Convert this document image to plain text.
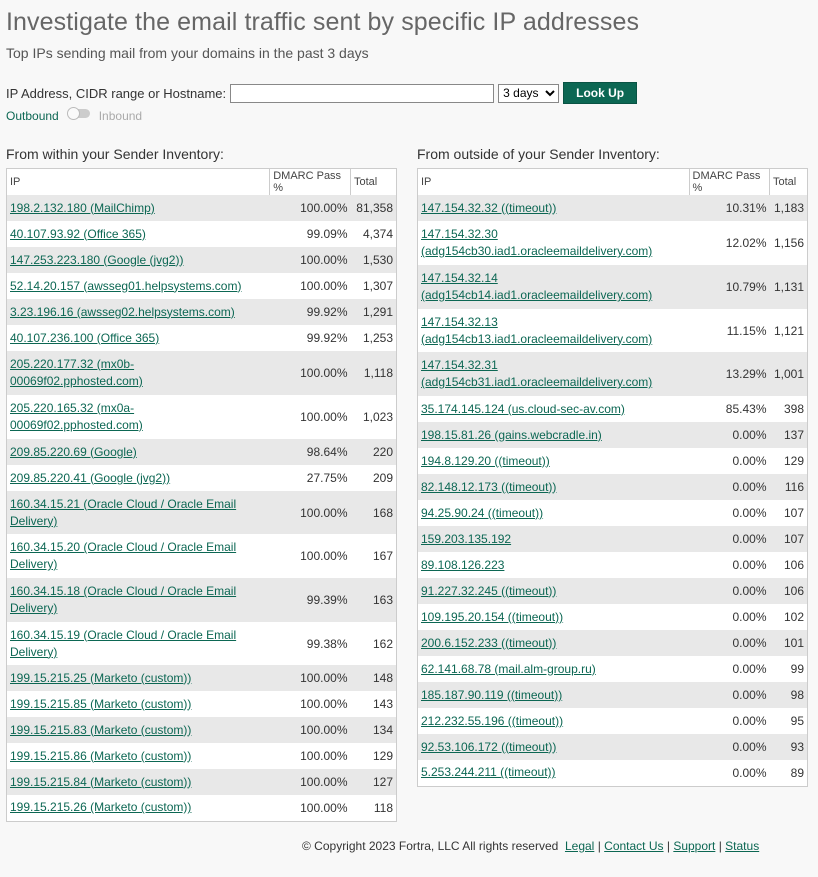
Investigate the email traffic sent by specific IP addresses
Top IPs sending mail from your domains in the past 3 days
IP Address, CIDR range or Hostname:
3 days	Look Up
Outbound	Inbound
From within your Sender Inventory:
IP	DMARC Pass %	Total
198.2.132.180 (MailChimp)	100.00%	81,358
40.107.93.92 (Office 365)	99.09%	4,374
147.253.223.180 (Google (jvg2))	100.00%	1,530
52.14.20.157 (awsseg01.helpsystems.com)	100.00%	1,307
3.23.196.16 (awsseg02.helpsystems.com)	99.92%	1,291
40.107.236.100 (Office 365)	99.92%	1,253
205.220.177.32 (mx0b-00069f02.pphosted.com)	100.00%	1,118
205.220.165.32 (mx0a-00069f02.pphosted.com)	100.00%	1,023
209.85.220.69 (Google)	98.64%	220
209.85.220.41 (Google (jvg2))	27.75%	209
160.34.15.21 (Oracle Cloud / Oracle Email Delivery)	100.00%	168
160.34.15.20 (Oracle Cloud / Oracle Email Delivery)	100.00%	167
160.34.15.18 (Oracle Cloud / Oracle Email Delivery)	99.39%	163
160.34.15.19 (Oracle Cloud / Oracle Email Delivery)	99.38%	162
199.15.215.25 (Marketo (custom))	100.00%	148
199.15.215.85 (Marketo (custom))	100.00%	143
199.15.215.83 (Marketo (custom))	100.00%	134
199.15.215.86 (Marketo (custom))	100.00%	129
199.15.215.84 (Marketo (custom))	100.00%	127
199.15.215.26 (Marketo (custom))	100.00%	118
From outside of your Sender Inventory:
IP	DMARC Pass %	Total
147.154.32.32 ((timeout))	10.31%	1,183
147.154.32.30 (adg154cb30.iad1.oracleemaildelivery.com)	12.02%	1,156
147.154.32.14 (adg154cb14.iad1.oracleemaildelivery.com)	10.79%	1,131
147.154.32.13 (adg154cb13.iad1.oracleemaildelivery.com)	11.15%	1,121
147.154.32.31 (adg154cb31.iad1.oracleemaildelivery.com)	13.29%	1,001
35.174.145.124 (us.cloud-sec-av.com)	85.43%	398
198.15.81.26 (gains.webcradle.in)	0.00%	137
194.8.129.20 ((timeout))	0.00%	129
82.148.12.173 ((timeout))	0.00%	116
94.25.90.24 ((timeout))	0.00%	107
159.203.135.192	0.00%	107
89.108.126.223	0.00%	106
91.227.32.245 ((timeout))	0.00%	106
109.195.20.154 ((timeout))	0.00%	102
200.6.152.233 ((timeout))	0.00%	101
62.141.68.78 (mail.alm-group.ru)	0.00%	99
185.187.90.119 ((timeout))	0.00%	98
212.232.55.196 ((timeout))	0.00%	95
92.53.106.172 ((timeout))	0.00%	93
5.253.244.211 ((timeout))	0.00%	89
© Copyright 2023 Fortra, LLC All rights reserved Legal | Contact Us | Support | Status
